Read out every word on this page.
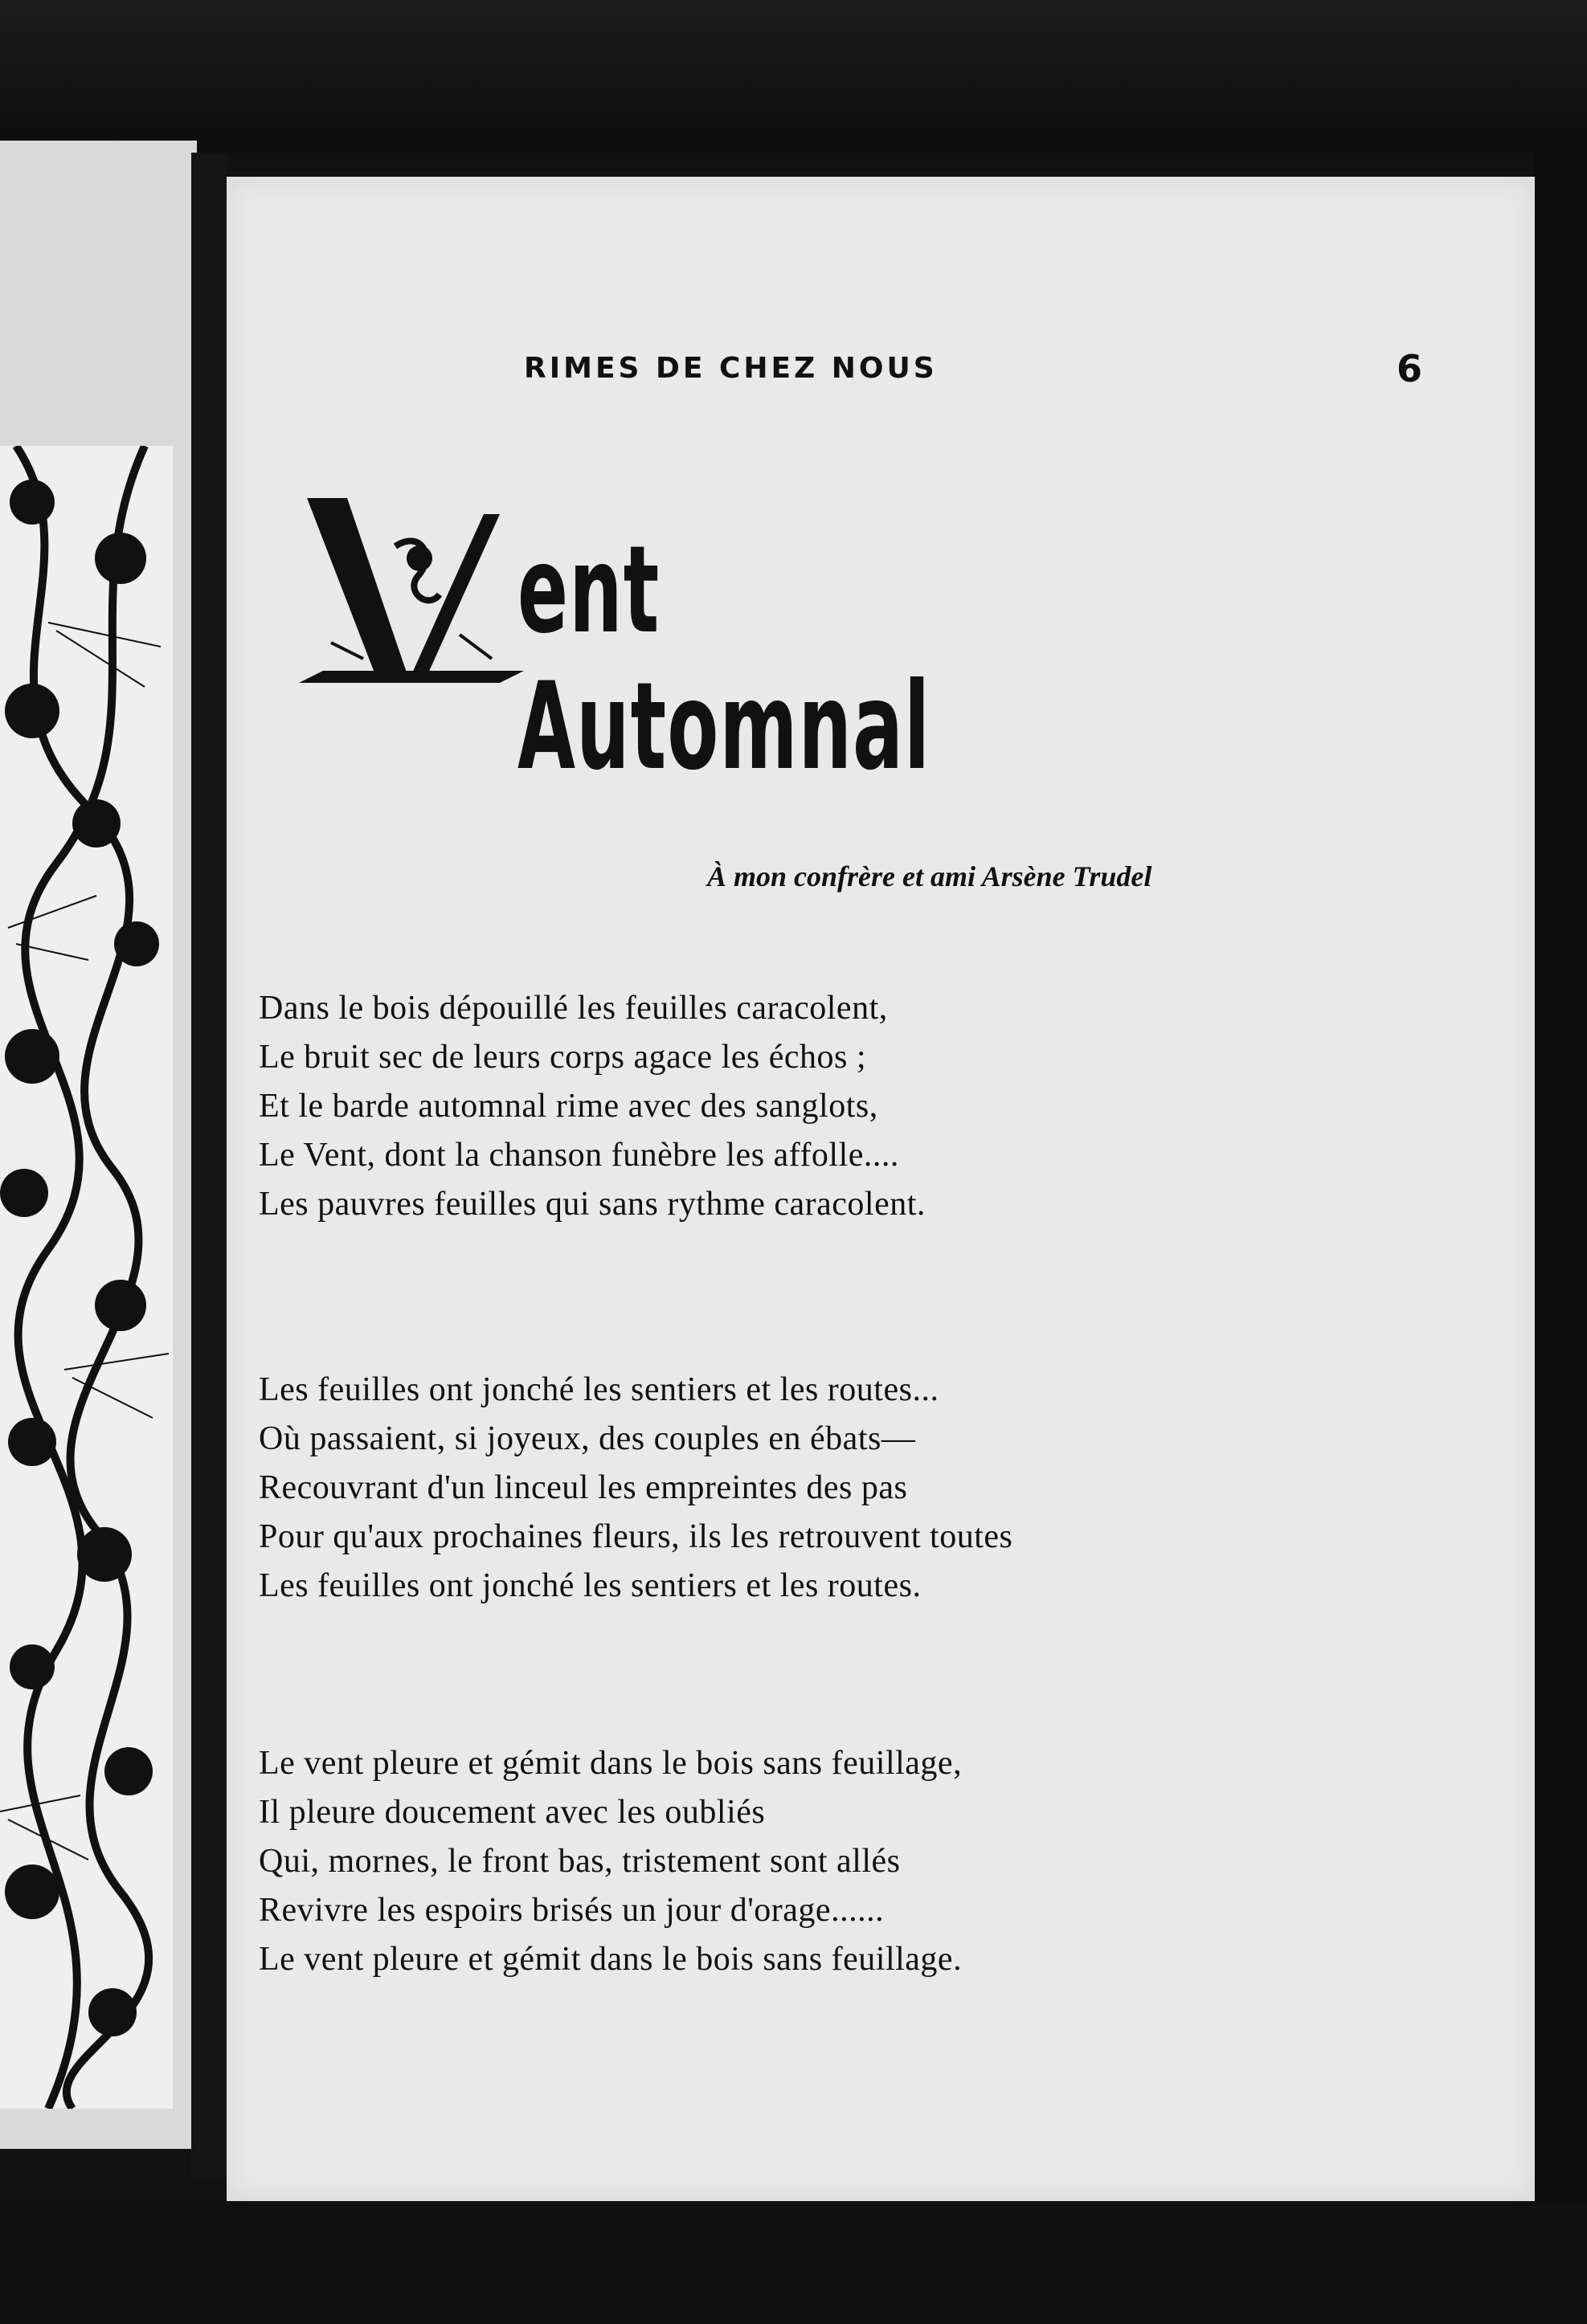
RIMES DE CHEZ NOUS	6
ent Automnal
À mon confrère et ami Arsène Trudel
Dans le bois dépouillé les feuilles caracolent,
Le bruit sec de leurs corps agace les échos ;
Et le barde automnal rime avec des sanglots,
Le Vent, dont la chanson funèbre les affolle....
Les pauvres feuilles qui sans rythme caracolent.
Les feuilles ont jonché les sentiers et les routes...
Où passaient, si joyeux, des couples en ébats—
Recouvrant d'un linceul les empreintes des pas
Pour qu'aux prochaines fleurs, ils les retrouvent toutes
Les feuilles ont jonché les sentiers et les routes.
Le vent pleure et gémit dans le bois sans feuillage,
Il pleure doucement avec les oubliés
Qui, mornes, le front bas, tristement sont allés
Revivre les espoirs brisés un jour d'orage......
Le vent pleure et gémit dans le bois sans feuillage.
